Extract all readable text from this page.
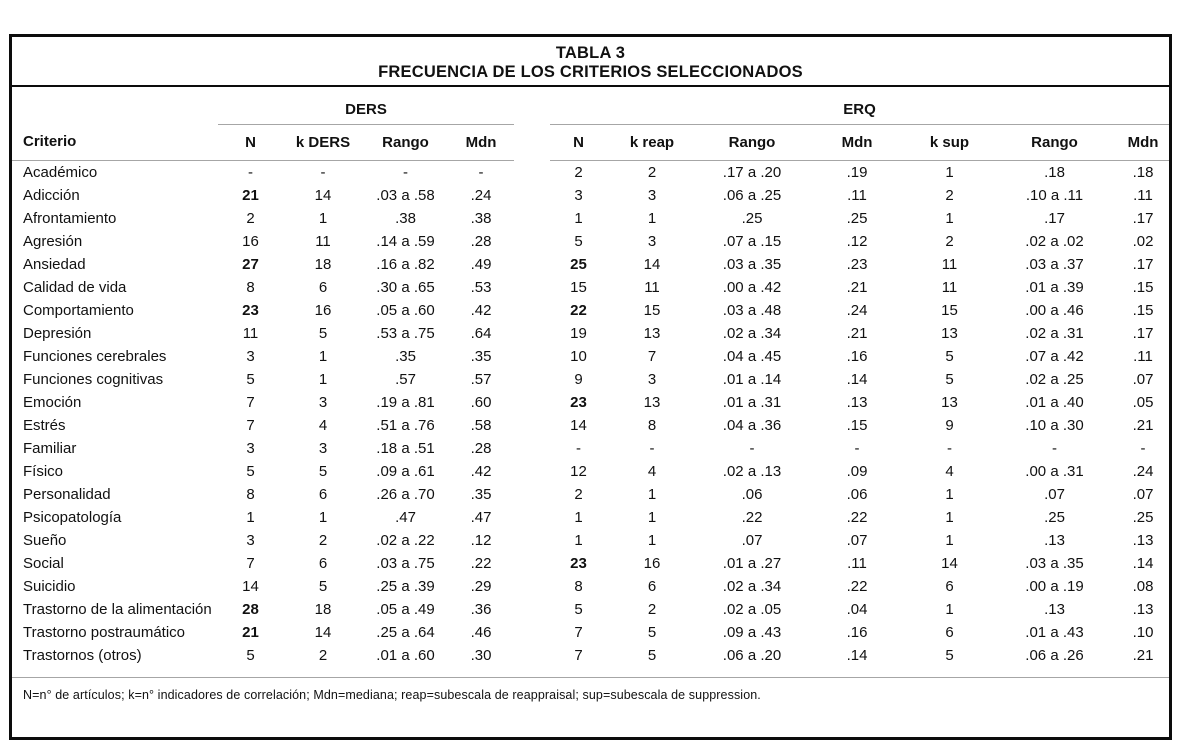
TABLA 3
FRECUENCIA DE LOS CRITERIOS SELECCIONADOS
	DERS					ERQ						
Criterio	N	k DERS	Rango	Mdn		N	k reap	Rango	Mdn	k sup	Rango	Mdn
Académico	-	-	-	-		2	2	.17 a .20	.19	1	.18	.18
Adicción	21	14	.03 a .58	.24		3	3	.06 a .25	.11	2	.10 a .11	.11
Afrontamiento	2	1	.38	.38		1	1	.25	.25	1	.17	.17
Agresión	16	11	.14 a .59	.28		5	3	.07 a .15	.12	2	.02 a .02	.02
Ansiedad	27	18	.16 a .82	.49		25	14	.03 a .35	.23	11	.03 a .37	.17
Calidad de vida	8	6	.30 a .65	.53		15	11	.00 a .42	.21	11	.01 a .39	.15
Comportamiento	23	16	.05 a .60	.42		22	15	.03 a .48	.24	15	.00 a .46	.15
Depresión	11	5	.53 a .75	.64		19	13	.02 a .34	.21	13	.02 a .31	.17
Funciones cerebrales	3	1	.35	.35		10	7	.04 a .45	.16	5	.07 a .42	.11
Funciones cognitivas	5	1	.57	.57		9	3	.01 a .14	.14	5	.02 a .25	.07
Emoción	7	3	.19 a .81	.60		23	13	.01 a .31	.13	13	.01 a .40	.05
Estrés	7	4	.51 a .76	.58		14	8	.04 a .36	.15	9	.10 a .30	.21
Familiar	3	3	.18 a .51	.28		-	-	-	-	-	-	-
Físico	5	5	.09 a .61	.42		12	4	.02 a .13	.09	4	.00 a .31	.24
Personalidad	8	6	.26 a .70	.35		2	1	.06	.06	1	.07	.07
Psicopatología	1	1	.47	.47		1	1	.22	.22	1	.25	.25
Sueño	3	2	.02 a .22	.12		1	1	.07	.07	1	.13	.13
Social	7	6	.03 a .75	.22		23	16	.01 a .27	.11	14	.03 a .35	.14
Suicidio	14	5	.25 a .39	.29		8	6	.02 a .34	.22	6	.00 a .19	.08
Trastorno de la alimentación	28	18	.05 a .49	.36		5	2	.02 a .05	.04	1	.13	.13
Trastorno postraumático	21	14	.25 a .64	.46		7	5	.09 a .43	.16	6	.01 a .43	.10
Trastornos (otros)	5	2	.01 a .60	.30		7	5	.06 a .20	.14	5	.06 a .26	.21
N=n° de artículos; k=n° indicadores de correlación; Mdn=mediana; reap=subescala de reappraisal; sup=subescala de suppression.
